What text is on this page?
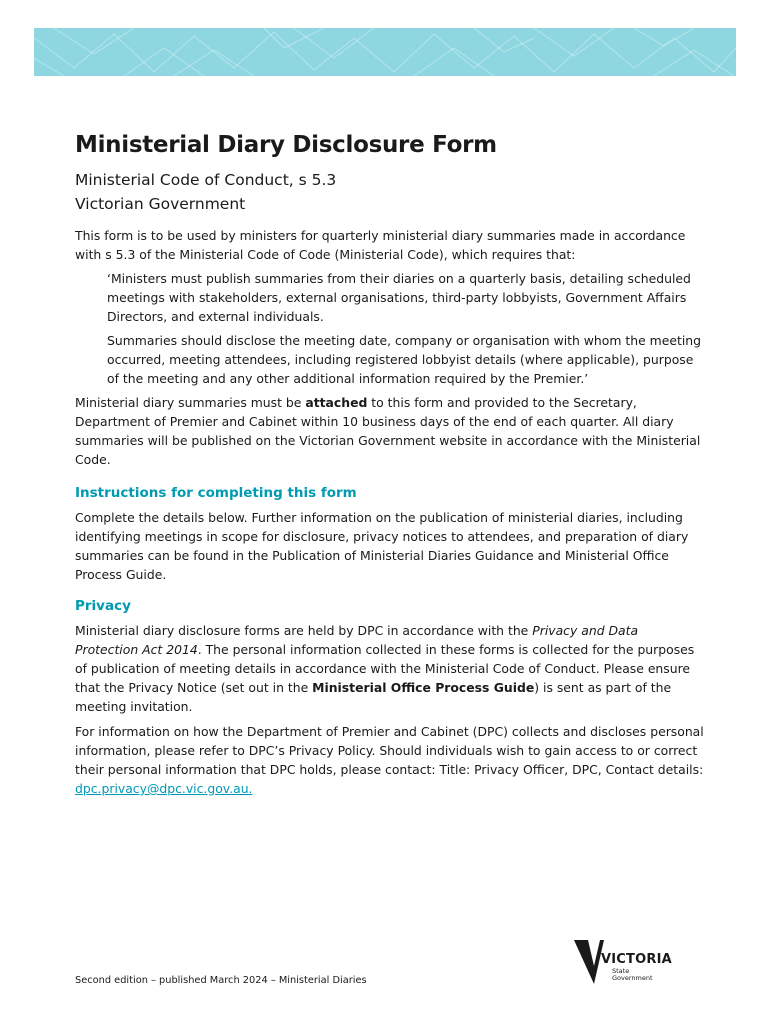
Ministerial Diary Disclosure Form
Ministerial Code of Conduct, s 5.3
Victorian Government

This form is to be used by ministers for quarterly ministerial diary summaries made in accordance with s 5.3 of the Ministerial Code of Code (Ministerial Code), which requires that:

‘Ministers must publish summaries from their diaries on a quarterly basis, detailing scheduled meetings with stakeholders, external organisations, third-party lobbyists, Government Affairs Directors, and external individuals.

Summaries should disclose the meeting date, company or organisation with whom the meeting occurred, meeting attendees, including registered lobbyist details (where applicable), purpose of the meeting and any other additional information required by the Premier.’

Ministerial diary summaries must be attached to this form and provided to the Secretary, Department of Premier and Cabinet within 10 business days of the end of each quarter. All diary summaries will be published on the Victorian Government website in accordance with the Ministerial Code.

Instructions for completing this form

Complete the details below. Further information on the publication of ministerial diaries, including identifying meetings in scope for disclosure, privacy notices to attendees, and preparation of diary summaries can be found in the Publication of Ministerial Diaries Guidance and Ministerial Office Process Guide.

Privacy

Ministerial diary disclosure forms are held by DPC in accordance with the Privacy and Data Protection Act 2014. The personal information collected in these forms is collected for the purposes of publication of meeting details in accordance with the Ministerial Code of Conduct. Please ensure that the Privacy Notice (set out in the Ministerial Office Process Guide) is sent as part of the meeting invitation.

For information on how the Department of Premier and Cabinet (DPC) collects and discloses personal information, please refer to DPC’s Privacy Policy. Should individuals wish to gain access to or correct their personal information that DPC holds, please contact: Title: Privacy Officer, DPC, Contact details: dpc.privacy@dpc.vic.gov.au.

Second edition – published March 2024 – Ministerial Diaries
VICTORIA
State
Government
